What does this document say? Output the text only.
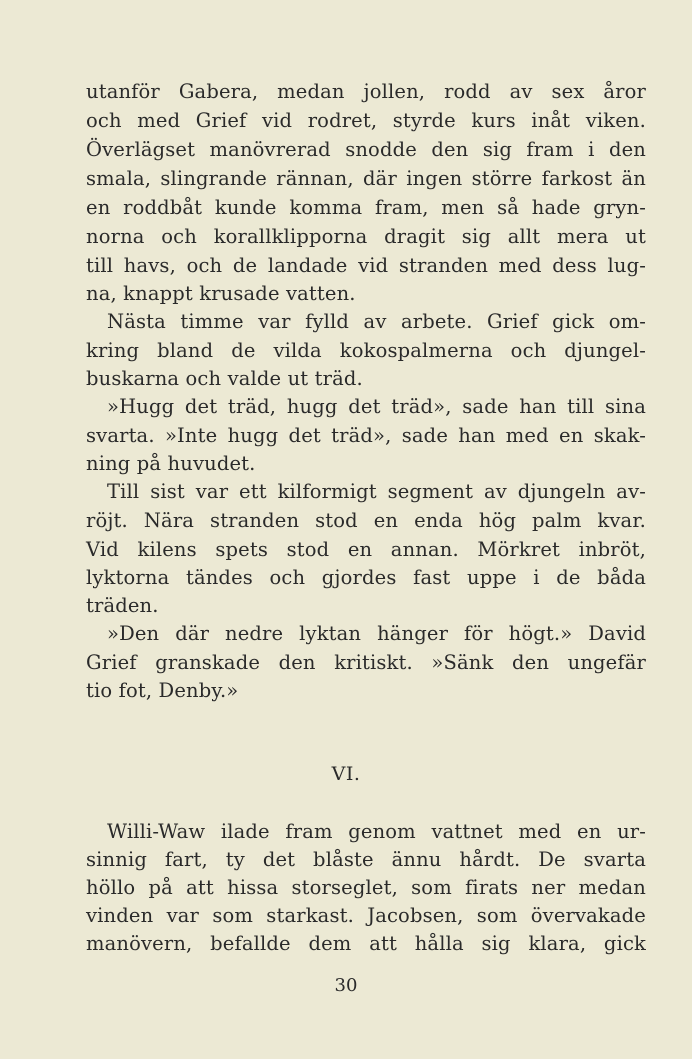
utanför Gabera, medan jollen, rodd av sex åror
och med Grief vid rodret, styrde kurs inåt viken.
Överlägset manövrerad snodde den sig fram i den
smala, slingrande rännan, där ingen större farkost än
en roddbåt kunde komma fram, men så hade gryn-
norna och korallklipporna dragit sig allt mera ut
till havs, och de landade vid stranden med dess lug-
na, knappt krusade vatten.
Nästa timme var fylld av arbete. Grief gick om-
kring bland de vilda kokospalmerna och djungel-
buskarna och valde ut träd.
»Hugg det träd, hugg det träd», sade han till sina
svarta. »Inte hugg det träd», sade han med en skak-
ning på huvudet.
Till sist var ett kilformigt segment av djungeln av-
röjt. Nära stranden stod en enda hög palm kvar.
Vid kilens spets stod en annan. Mörkret inbröt,
lyktorna tändes och gjordes fast uppe i de båda
träden.
»Den där nedre lyktan hänger för högt.» David
Grief granskade den kritiskt. »Sänk den ungefär
tio fot, Denby.»
VI.
Willi-Waw ilade fram genom vattnet med en ur-
sinnig fart, ty det blåste ännu hårdt. De svarta
höllo på att hissa storseglet, som firats ner medan
vinden var som starkast. Jacobsen, som övervakade
manövern, befallde dem att hålla sig klara, gick
30
